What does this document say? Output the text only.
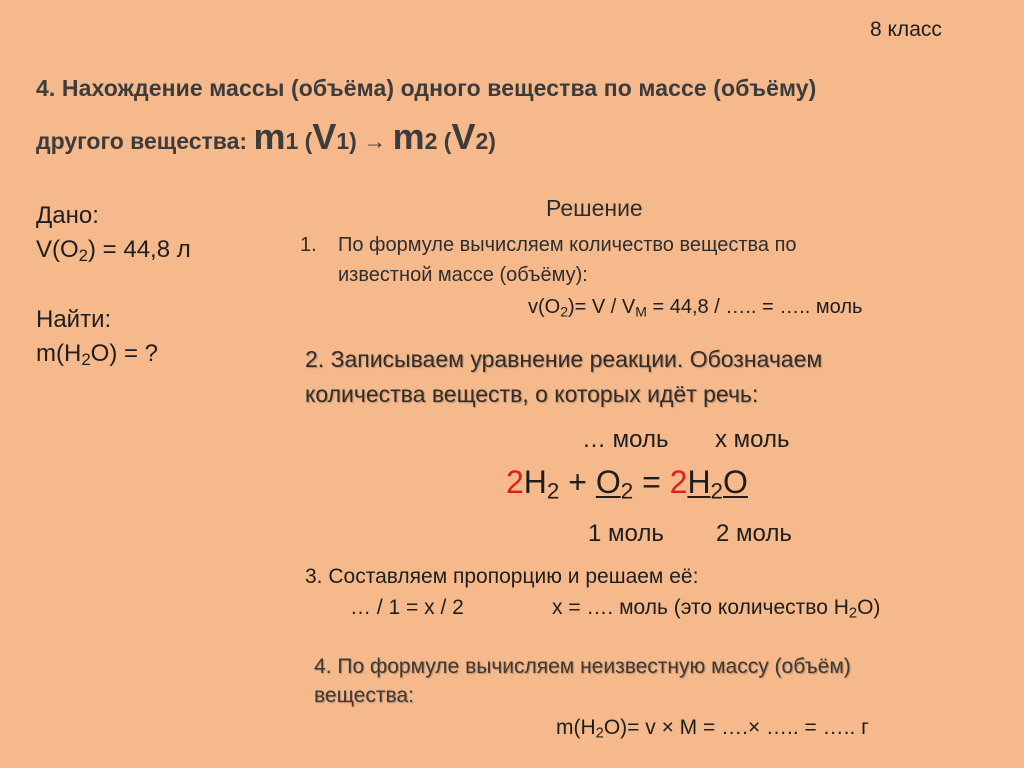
8 класс
4. Нахождение массы (объёма) одного вещества по массе (объёму)
другого вещества: m1 (V1) → m2 (V2)
Дано:
$V(O_2) = 44,8$ л
Найти:
$m(H_2O)$ = ?
Решение
1. По формуле вычисляем количество вещества по
известной массе (объёму):
$v(O_2)= V / V_M = 44,8$ / ….. = ….. моль
2. Записываем уравнение реакции. Обозначаем
количества веществ, о которых идёт речь:
… моль x моль
$2H_2 + O_2 = 2H_2O$
1 моль 2 моль
3. Составляем пропорцию и решаем её:
… / 1 = x / 2	x = …. моль (это количество $H_2O$)
4. По формуле вычисляем неизвестную массу (объём)
вещества:
$m(H_2O)= v \times M$ = ….× ….. = ….. г
